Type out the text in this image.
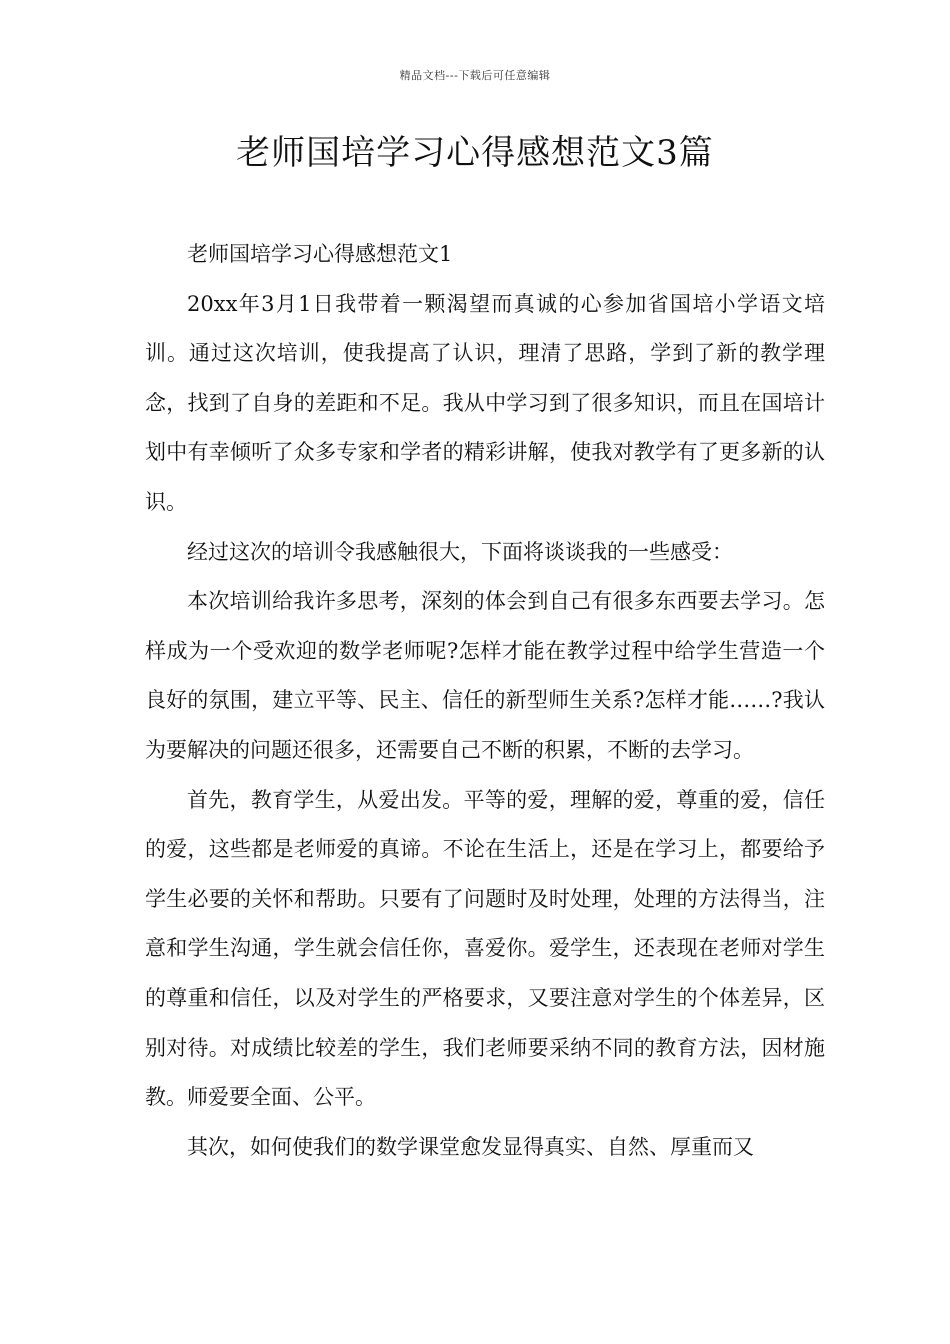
精品文档---下载后可任意编辑
老师国培学习心得感想范文3篇

老师国培学习心得感想范文1

20xx年3月1日我带着一颗渴望而真诚的心参加省国培小学语文培训。通过这次培训，使我提高了认识，理清了思路，学到了新的教学理念，找到了自身的差距和不足。我从中学习到了很多知识，而且在国培计划中有幸倾听了众多专家和学者的精彩讲解，使我对教学有了更多新的认识。

经过这次的培训令我感触很大，下面将谈谈我的一些感受：

本次培训给我许多思考，深刻的体会到自己有很多东西要去学习。怎样成为一个受欢迎的数学老师呢?怎样才能在教学过程中给学生营造一个良好的氛围，建立平等、民主、信任的新型师生关系?怎样才能……?我认为要解决的问题还很多，还需要自己不断的积累，不断的去学习。

首先，教育学生，从爱出发。平等的爱，理解的爱，尊重的爱，信任的爱，这些都是老师爱的真谛。不论在生活上，还是在学习上，都要给予学生必要的关怀和帮助。只要有了问题时及时处理，处理的方法得当，注意和学生沟通，学生就会信任你，喜爱你。爱学生，还表现在老师对学生的尊重和信任，以及对学生的严格要求，又要注意对学生的个体差异，区别对待。对成绩比较差的学生，我们老师要采纳不同的教育方法，因材施教。师爱要全面、公平。

其次，如何使我们的数学课堂愈发显得真实、自然、厚重而又
